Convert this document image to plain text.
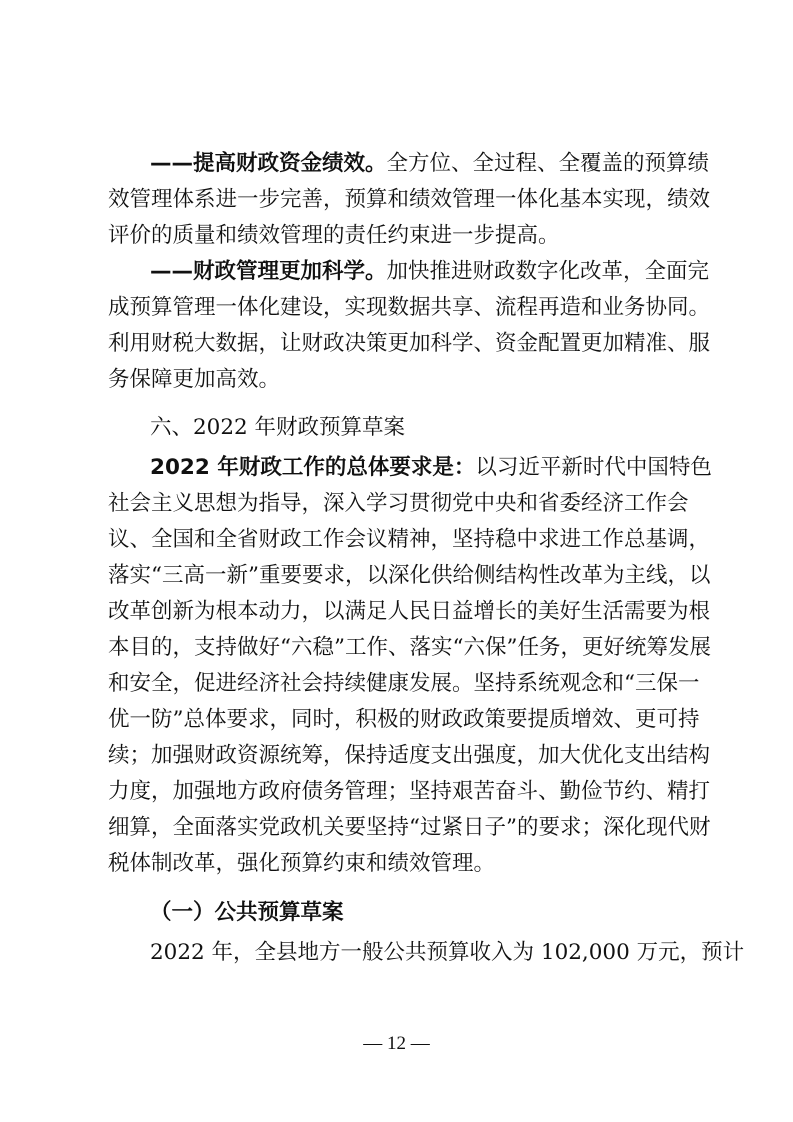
——提高财政资金绩效。全方位、全过程、全覆盖的预算绩
效管理体系进一步完善，预算和绩效管理一体化基本实现，绩效
评价的质量和绩效管理的责任约束进一步提高。
——财政管理更加科学。加快推进财政数字化改革，全面完
成预算管理一体化建设，实现数据共享、流程再造和业务协同。
利用财税大数据，让财政决策更加科学、资金配置更加精准、服
务保障更加高效。
六、2022 年财政预算草案
2022 年财政工作的总体要求是：以习近平新时代中国特色
社会主义思想为指导，深入学习贯彻党中央和省委经济工作会
议、全国和全省财政工作会议精神，坚持稳中求进工作总基调，
落实“三高一新”重要要求，以深化供给侧结构性改革为主线，以
改革创新为根本动力，以满足人民日益增长的美好生活需要为根
本目的，支持做好“六稳”工作、落实“六保”任务，更好统筹发展
和安全，促进经济社会持续健康发展。坚持系统观念和“三保一
优一防”总体要求，同时，积极的财政政策要提质增效、更可持
续；加强财政资源统筹，保持适度支出强度，加大优化支出结构
力度，加强地方政府债务管理；坚持艰苦奋斗、勤俭节约、精打
细算，全面落实党政机关要坚持“过紧日子”的要求；深化现代财
税体制改革，强化预算约束和绩效管理。
（一）公共预算草案
2022 年，全县地方一般公共预算收入为 102,000 万元，预计
— 12 —
